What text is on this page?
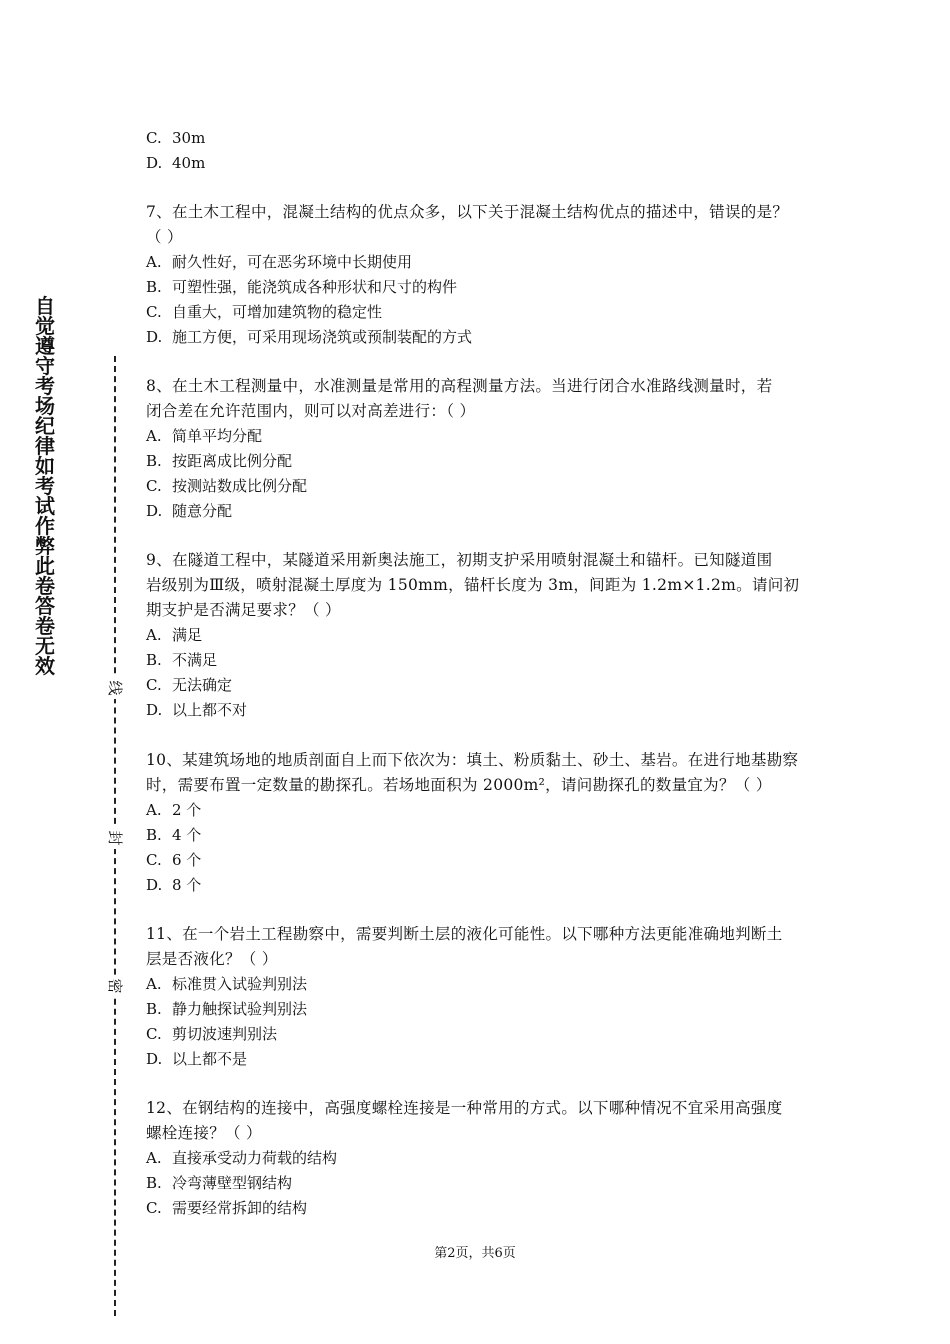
自觉遵守考场纪律如考试作弊此卷答卷无效
线
封
密
C. 30m
D. 40m
7、在土木工程中，混凝土结构的优点众多，以下关于混凝土结构优点的描述中，错误的是？
（ ）
A. 耐久性好，可在恶劣环境中长期使用
B. 可塑性强，能浇筑成各种形状和尺寸的构件
C. 自重大，可增加建筑物的稳定性
D. 施工方便，可采用现场浇筑或预制装配的方式
8、在土木工程测量中，水准测量是常用的高程测量方法。当进行闭合水准路线测量时，若
闭合差在允许范围内，则可以对高差进行：（ ）
A. 简单平均分配
B. 按距离成比例分配
C. 按测站数成比例分配
D. 随意分配
9、在隧道工程中，某隧道采用新奥法施工，初期支护采用喷射混凝土和锚杆。已知隧道围
岩级别为Ⅲ级，喷射混凝土厚度为 150mm，锚杆长度为 3m，间距为 1.2m×1.2m。请问初
期支护是否满足要求？（ ）
A. 满足
B. 不满足
C. 无法确定
D. 以上都不对
10、某建筑场地的地质剖面自上而下依次为：填土、粉质黏土、砂土、基岩。在进行地基勘察
时，需要布置一定数量的勘探孔。若场地面积为 2000m²，请问勘探孔的数量宜为？（ ）
A. 2 个
B. 4 个
C. 6 个
D. 8 个
11、在一个岩土工程勘察中，需要判断土层的液化可能性。以下哪种方法更能准确地判断土
层是否液化？（ ）
A. 标准贯入试验判别法
B. 静力触探试验判别法
C. 剪切波速判别法
D. 以上都不是
12、在钢结构的连接中，高强度螺栓连接是一种常用的方式。以下哪种情况不宜采用高强度
螺栓连接？（ ）
A. 直接承受动力荷载的结构
B. 冷弯薄壁型钢结构
C. 需要经常拆卸的结构
第2页，共6页
